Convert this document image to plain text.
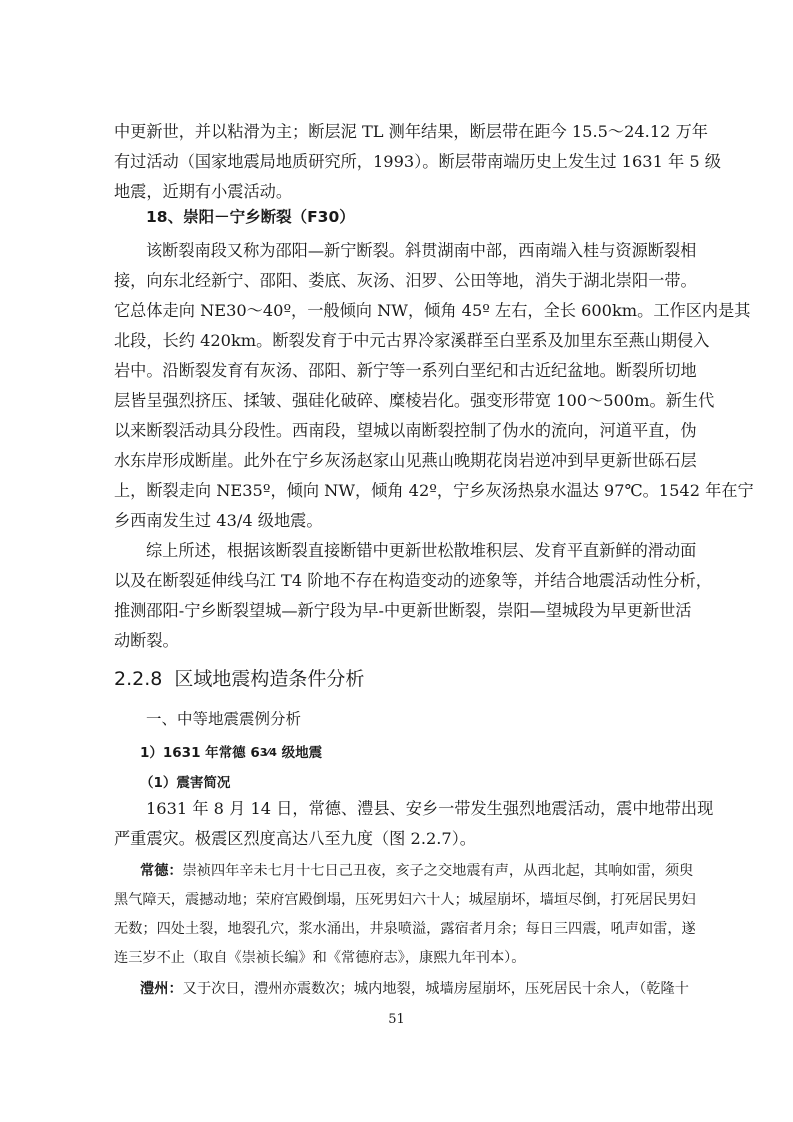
中更新世，并以粘滑为主；断层泥 TL 测年结果，断层带在距今 15.5～24.12 万年
有过活动（国家地震局地质研究所，1993）。断层带南端历史上发生过 1631 年 5 级
地震，近期有小震活动。
18、崇阳－宁乡断裂（F30）
该断裂南段又称为邵阳—新宁断裂。斜贯湖南中部，西南端入桂与资源断裂相
接，向东北经新宁、邵阳、娄底、灰汤、汨罗、公田等地，消失于湖北崇阳一带。
它总体走向 NE30～40º，一般倾向 NW，倾角 45º 左右，全长 600km。工作区内是其
北段，长约 420km。断裂发育于中元古界冷家溪群至白垩系及加里东至燕山期侵入
岩中。沿断裂发育有灰汤、邵阳、新宁等一系列白垩纪和古近纪盆地。断裂所切地
层皆呈强烈挤压、揉皱、强硅化破碎、糜棱岩化。强变形带宽 100～500m。新生代
以来断裂活动具分段性。西南段，望城以南断裂控制了伪水的流向，河道平直，伪
水东岸形成断崖。此外在宁乡灰汤赵家山见燕山晚期花岗岩逆冲到早更新世砾石层
上，断裂走向 NE35º，倾向 NW，倾角 42º，宁乡灰汤热泉水温达 97℃。1542 年在宁
乡西南发生过 43/4 级地震。
综上所述，根据该断裂直接断错中更新世松散堆积层、发育平直新鲜的滑动面
以及在断裂延伸线乌江 T4 阶地不存在构造变动的迹象等，并结合地震活动性分析，
推测邵阳-宁乡断裂望城—新宁段为早-中更新世断裂，崇阳—望城段为早更新世活
动断裂。
2.2.8 区域地震构造条件分析
一、中等地震震例分析
1）1631 年常德 63⁄4 级地震
（1）震害简况
1631 年 8 月 14 日，常德、澧县、安乡一带发生强烈地震活动，震中地带出现
严重震灾。极震区烈度高达八至九度（图 2.2.7）。
常德：崇祯四年辛未七月十七日己丑夜，亥子之交地震有声，从西北起，其响如雷，须臾
黑气障天，震撼动地；荣府宫殿倒塌，压死男妇六十人；城屋崩坏，墙垣尽倒，打死居民男妇
无数；四处土裂，地裂孔穴，浆水涌出，井泉喷溢，露宿者月余；每日三四震，吼声如雷，遂
连三岁不止（取自《崇祯长编》和《常德府志》，康熙九年刊本）。
澧州：又于次日，澧州亦震数次；城内地裂，城墙房屋崩坏，压死居民十余人，（乾隆十
51
